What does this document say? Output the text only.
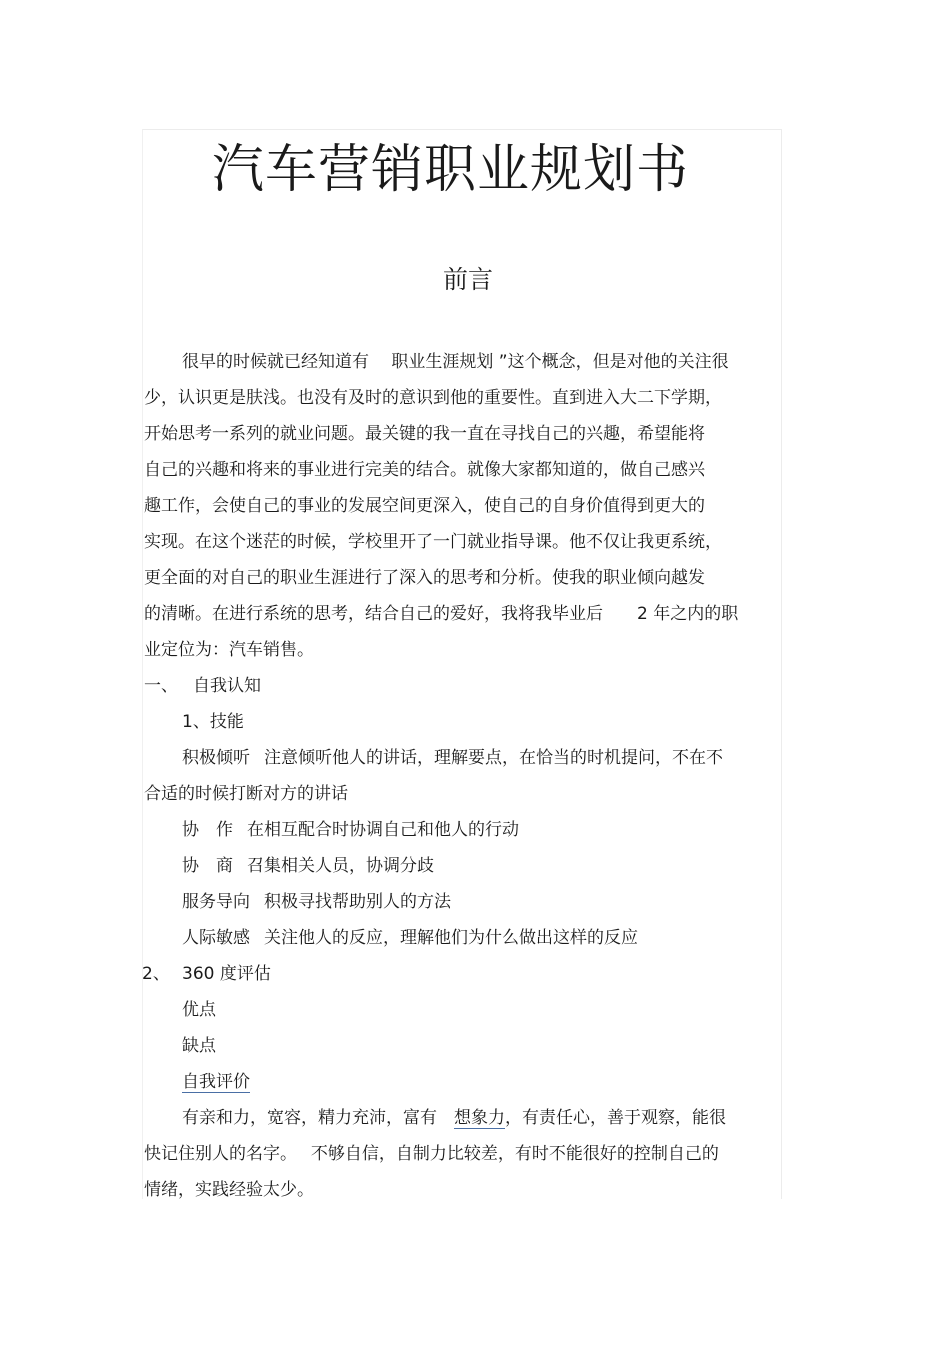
汽车营销职业规划书
前言
很早的时候就已经知道有　 职业生涯规划 ”这个概念，但是对他的关注很
少，认识更是肤浅。也没有及时的意识到他的重要性。直到进入大二下学期，
开始思考一系列的就业问题。最关键的我一直在寻找自己的兴趣，希望能将
自己的兴趣和将来的事业进行完美的结合。就像大家都知道的，做自己感兴
趣工作，会使自己的事业的发展空间更深入，使自己的自身价值得到更大的
实现。在这个迷茫的时候，学校里开了一门就业指导课。他不仅让我更系统，
更全面的对自己的职业生涯进行了深入的思考和分析。使我的职业倾向越发
的清晰。在进行系统的思考，结合自己的爱好，我将我毕业后　　2 年之内的职
业定位为：汽车销售。
一、 自我认知
1、技能
积极倾听 注意倾听他人的讲话，理解要点，在恰当的时机提问，不在不
合适的时候打断对方的讲话
协　作 在相互配合时协调自己和他人的行动
协　商 召集相关人员，协调分歧
服务导向 积极寻找帮助别人的方法
人际敏感 关注他人的反应，理解他们为什么做出这样的反应
2、 360 度评估
优点
缺点
自我评价
有亲和力，宽容，精力充沛，富有　想象力，有责任心，善于观察，能很
快记住别人的名字。　 不够自信，自制力比较差，有时不能很好的控制自己的
情绪，实践经验太少。
